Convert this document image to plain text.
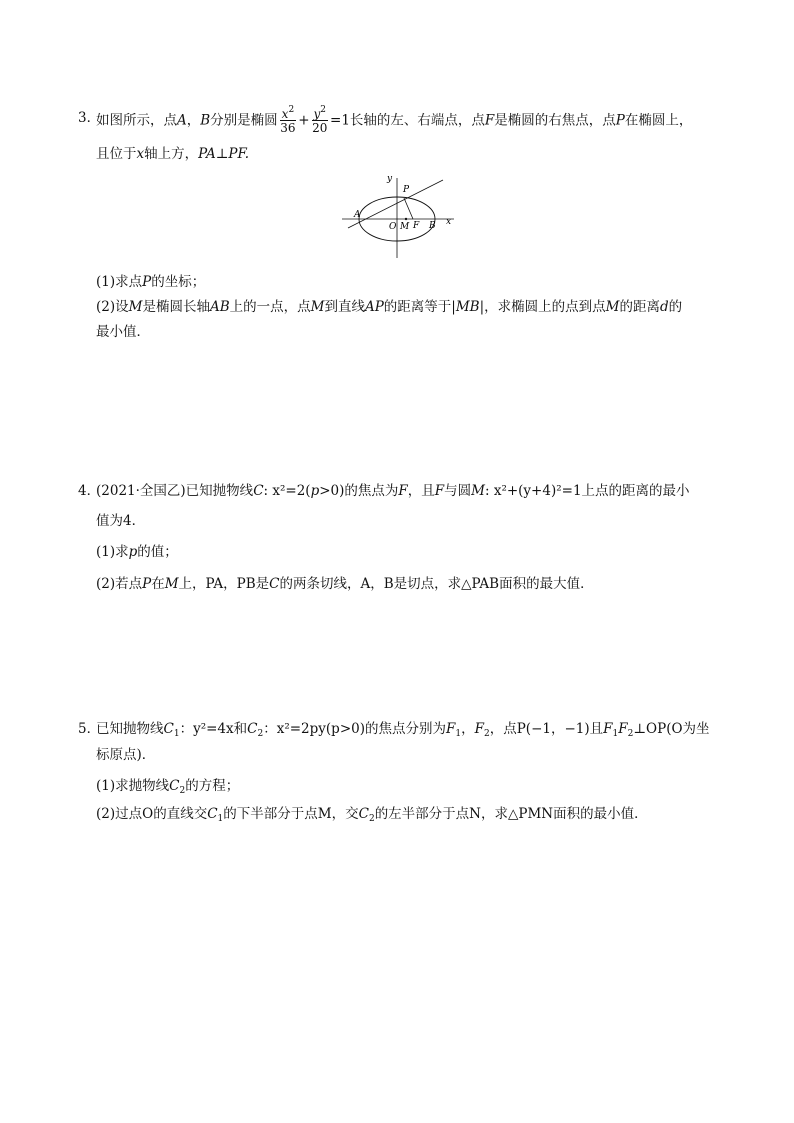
3．
如图所示，点A，B分别是椭圆 $\frac{x^2}{36} + \frac{y^2}{20} =1$长轴的左、右端点，点F是椭圆的右焦点，点P在椭圆上，
且位于x轴上方，PA⊥PF.
(1)求点P的坐标；
(2)设M是椭圆长轴AB上的一点，点M到直线AP的距离等于|MB|，求椭圆上的点到点M的距离d的
最小值．
y
P
A
O M F B x
4．
(2021·全国乙)已知抛物线C: x²=2(p>0)的焦点为F，且F与圆M: x²+(y+4)²=1上点的距离的最小
值为4．
(1)求p的值；
(2)若点P在M上，PA，PB是C的两条切线，A，B是切点，求△PAB面积的最大值．
5．
已知抛物线$C_1$：y²=4x和$C_2$：x²=2py(p>0)的焦点分别为$F_1$，$F_2$，点P(−1，−1)且$F_1F_2\perp OP(O$为坐
标原点)．
(1)求抛物线$C_2$的方程；
(2)过点O的直线交$C_1$的下半部分于点M，交$C_2$的左半部分于点N，求△PMN面积的最小值．
